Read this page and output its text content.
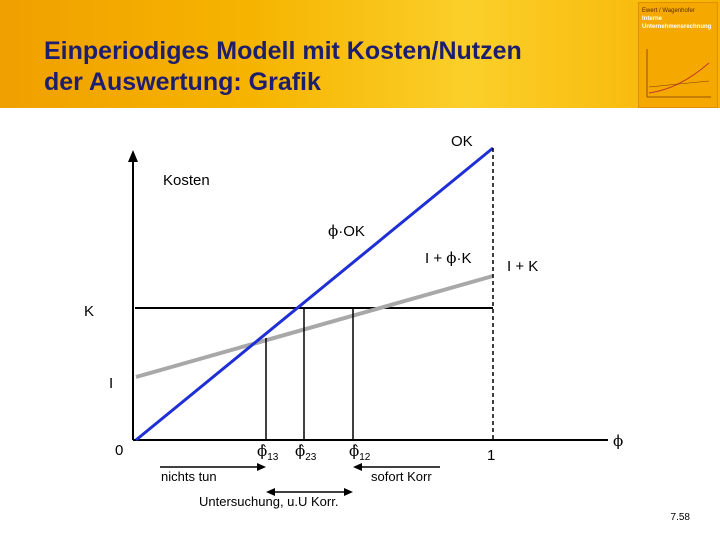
Einperiodiges Modell mit Kosten/Nutzen
der Auswertung: Grafik
Ewert / Wagenhofer
Interne
Unternehmensrechnung
OK
Kosten
ϕ·OK
I + ϕ·K I + K
K
I
0	1
ϕ
$\phî_{13}$ $\phî_{23}$ $\phî_{12}$
nichts tun	sofort Korr
Untersuchung, u.U Korr.
7.58
